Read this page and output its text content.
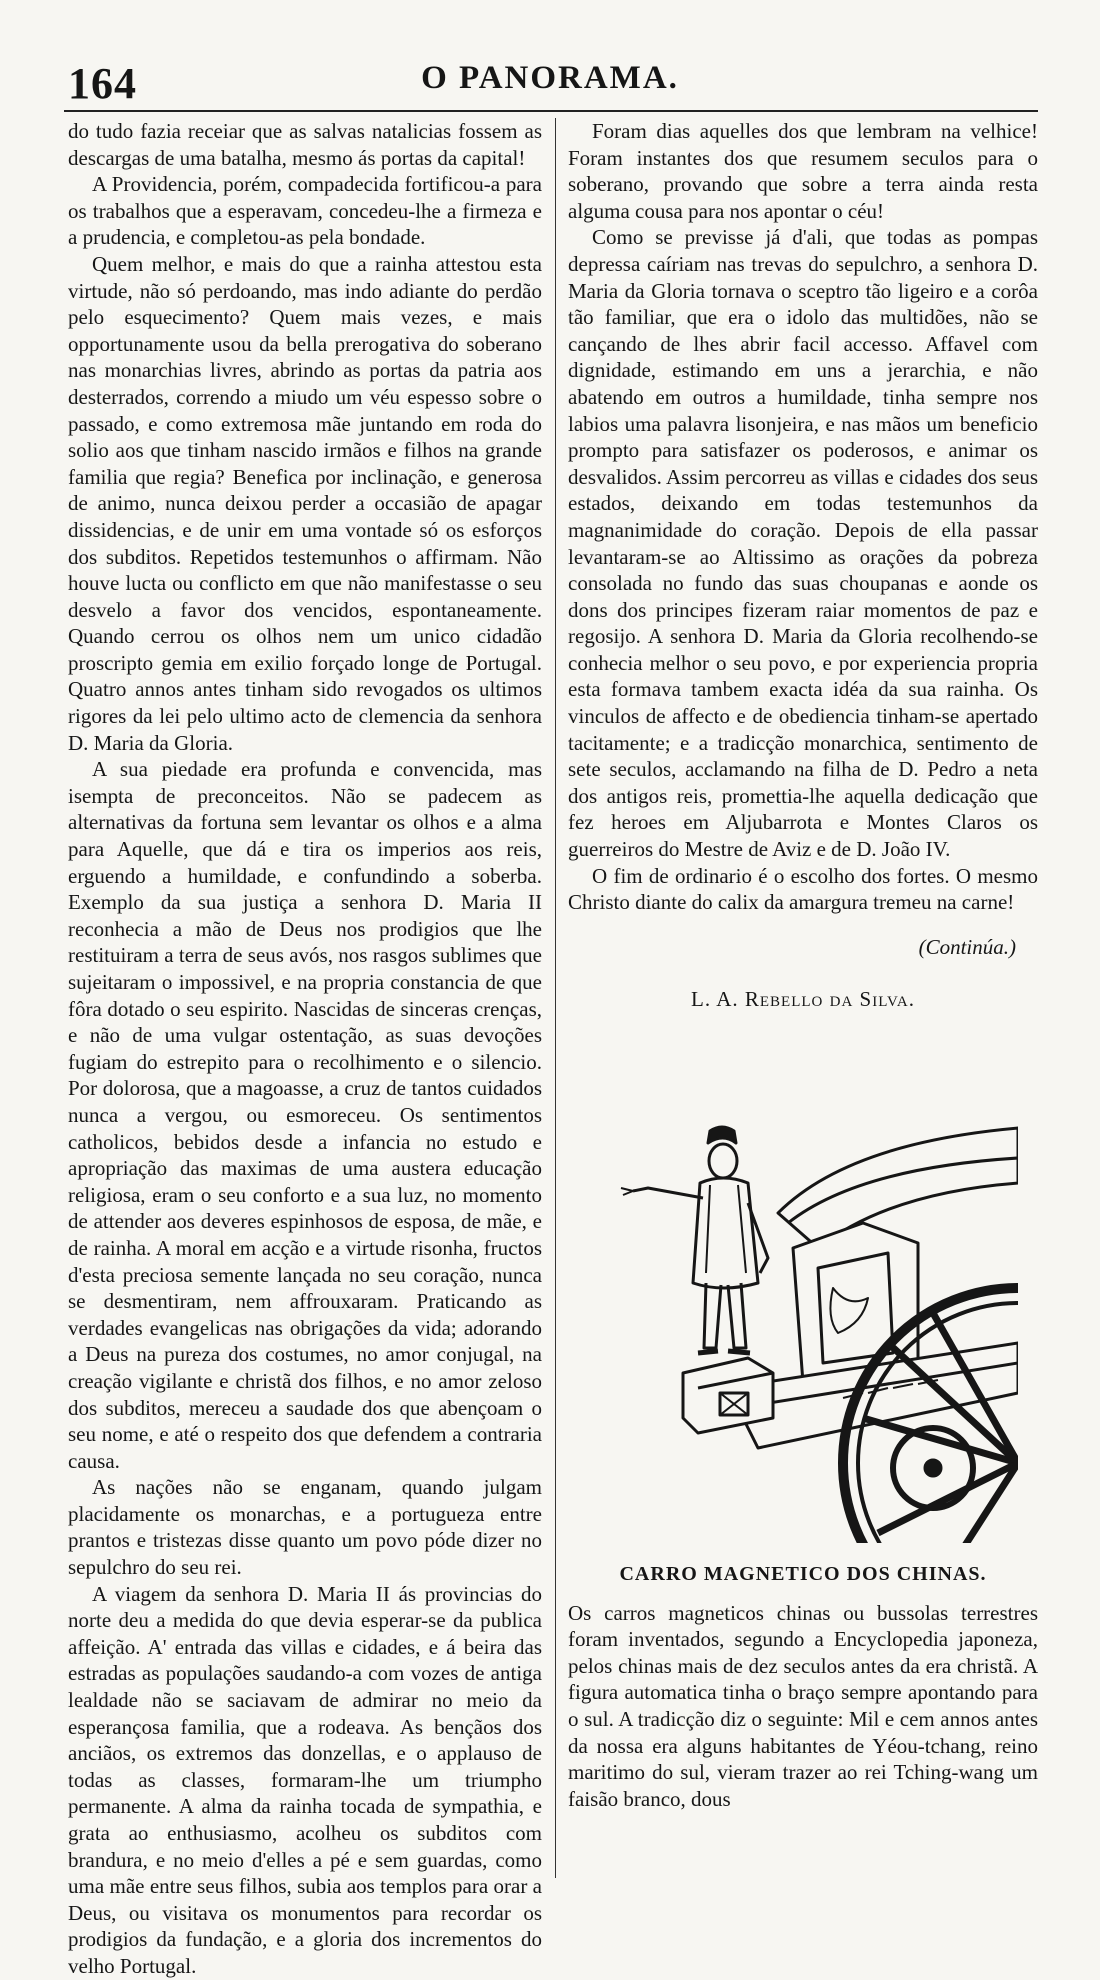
164	O PANORAMA.

do tudo fazia receiar que as salvas natalicias fossem as descargas de uma batalha, mesmo ás portas da capital!

A Providencia, porém, compadecida fortificou-a para os trabalhos que a esperavam, concedeu-lhe a firmeza e a prudencia, e completou-as pela bondade.

Quem melhor, e mais do que a rainha attestou esta virtude, não só perdoando, mas indo adiante do perdão pelo esquecimento? Quem mais vezes, e mais opportunamente usou da bella prerogativa do soberano nas monarchias livres, abrindo as portas da patria aos desterrados, correndo a miudo um véu espesso sobre o passado, e como extremosa mãe juntando em roda do solio aos que tinham nascido irmãos e filhos na grande familia que regia? Benefica por inclinação, e generosa de animo, nunca deixou perder a occasião de apagar dissidencias, e de unir em uma vontade só os esforços dos subditos. Repetidos testemunhos o affirmam. Não houve lucta ou conflicto em que não manifestasse o seu desvelo a favor dos vencidos, espontaneamente. Quando cerrou os olhos nem um unico cidadão proscripto gemia em exilio forçado longe de Portugal. Quatro annos antes tinham sido revogados os ultimos rigores da lei pelo ultimo acto de clemencia da senhora D. Maria da Gloria.

A sua piedade era profunda e convencida, mas isempta de preconceitos. Não se padecem as alternativas da fortuna sem levantar os olhos e a alma para Aquelle, que dá e tira os imperios aos reis, erguendo a humildade, e confundindo a soberba. Exemplo da sua justiça a senhora D. Maria II reconhecia a mão de Deus nos prodigios que lhe restituiram a terra de seus avós, nos rasgos sublimes que sujeitaram o impossivel, e na propria constancia de que fôra dotado o seu espirito. Nascidas de sinceras crenças, e não de uma vulgar ostentação, as suas devoções fugiam do estrepito para o recolhimento e o silencio. Por dolorosa, que a magoasse, a cruz de tantos cuidados nunca a vergou, ou esmoreceu. Os sentimentos catholicos, bebidos desde a infancia no estudo e apropriação das maximas de uma austera educação religiosa, eram o seu conforto e a sua luz, no momento de attender aos deveres espinhosos de esposa, de mãe, e de rainha. A moral em acção e a virtude risonha, fructos d'esta preciosa semente lançada no seu coração, nunca se desmentiram, nem affrouxaram. Praticando as verdades evangelicas nas obrigações da vida; adorando a Deus na pureza dos costumes, no amor conjugal, na creação vigilante e christã dos filhos, e no amor zeloso dos subditos, mereceu a saudade dos que abençoam o seu nome, e até o respeito dos que defendem a contraria causa.

As nações não se enganam, quando julgam placidamente os monarchas, e a portugueza entre prantos e tristezas disse quanto um povo póde dizer no sepulchro do seu rei.

A viagem da senhora D. Maria II ás provincias do norte deu a medida do que devia esperar-se da publica affeição. A' entrada das villas e cidades, e á beira das estradas as populações saudando-a com vozes de antiga lealdade não se saciavam de admirar no meio da esperançosa familia, que a rodeava. As bençãos dos anciãos, os extremos das donzellas, e o applauso de todas as classes, formaram-lhe um triumpho permanente. A alma da rainha tocada de sympathia, e grata ao enthusiasmo, acolheu os subditos com brandura, e no meio d'elles a pé e sem guardas, como uma mãe entre seus filhos, subia aos templos para orar a Deus, ou visitava os monumentos para recordar os prodigios da fundação, e a gloria dos incrementos do velho Portugal.

Foram dias aquelles dos que lembram na velhice! Foram instantes dos que resumem seculos para o soberano, provando que sobre a terra ainda resta alguma cousa para nos apontar o céu!

Como se previsse já d'ali, que todas as pompas depressa caíriam nas trevas do sepulchro, a senhora D. Maria da Gloria tornava o sceptro tão ligeiro e a corôa tão familiar, que era o idolo das multidões, não se cançando de lhes abrir facil accesso. Affavel com dignidade, estimando em uns a jerarchia, e não abatendo em outros a humildade, tinha sempre nos labios uma palavra lisonjeira, e nas mãos um beneficio prompto para satisfazer os poderosos, e animar os desvalidos. Assim percorreu as villas e cidades dos seus estados, deixando em todas testemunhos da magnanimidade do coração. Depois de ella passar levantaram-se ao Altissimo as orações da pobreza consolada no fundo das suas choupanas e aonde os dons dos principes fizeram raiar momentos de paz e regosijo. A senhora D. Maria da Gloria recolhendo-se conhecia melhor o seu povo, e por experiencia propria esta formava tambem exacta idéa da sua rainha. Os vinculos de affecto e de obediencia tinham-se apertado tacitamente; e a tradicção monarchica, sentimento de sete seculos, acclamando na filha de D. Pedro a neta dos antigos reis, promettia-lhe aquella dedicação que fez heroes em Aljubarrota e Montes Claros os guerreiros do Mestre de Aviz e de D. João IV.

O fim de ordinario é o escolho dos fortes. O mesmo Christo diante do calix da amargura tremeu na carne!

(Continúa.)
L. A. Rebello da Silva.
CARRO MAGNETICO DOS CHINAS.

Os carros magneticos chinas ou bussolas terrestres foram inventados, segundo a Encyclopedia japoneza, pelos chinas mais de dez seculos antes da era christã. A figura automatica tinha o braço sempre apontando para o sul. A tradicção diz o seguinte: Mil e cem annos antes da nossa era alguns habitantes de Yéou-tchang, reino maritimo do sul, vieram trazer ao rei Tching-wang um faisão branco, dous
